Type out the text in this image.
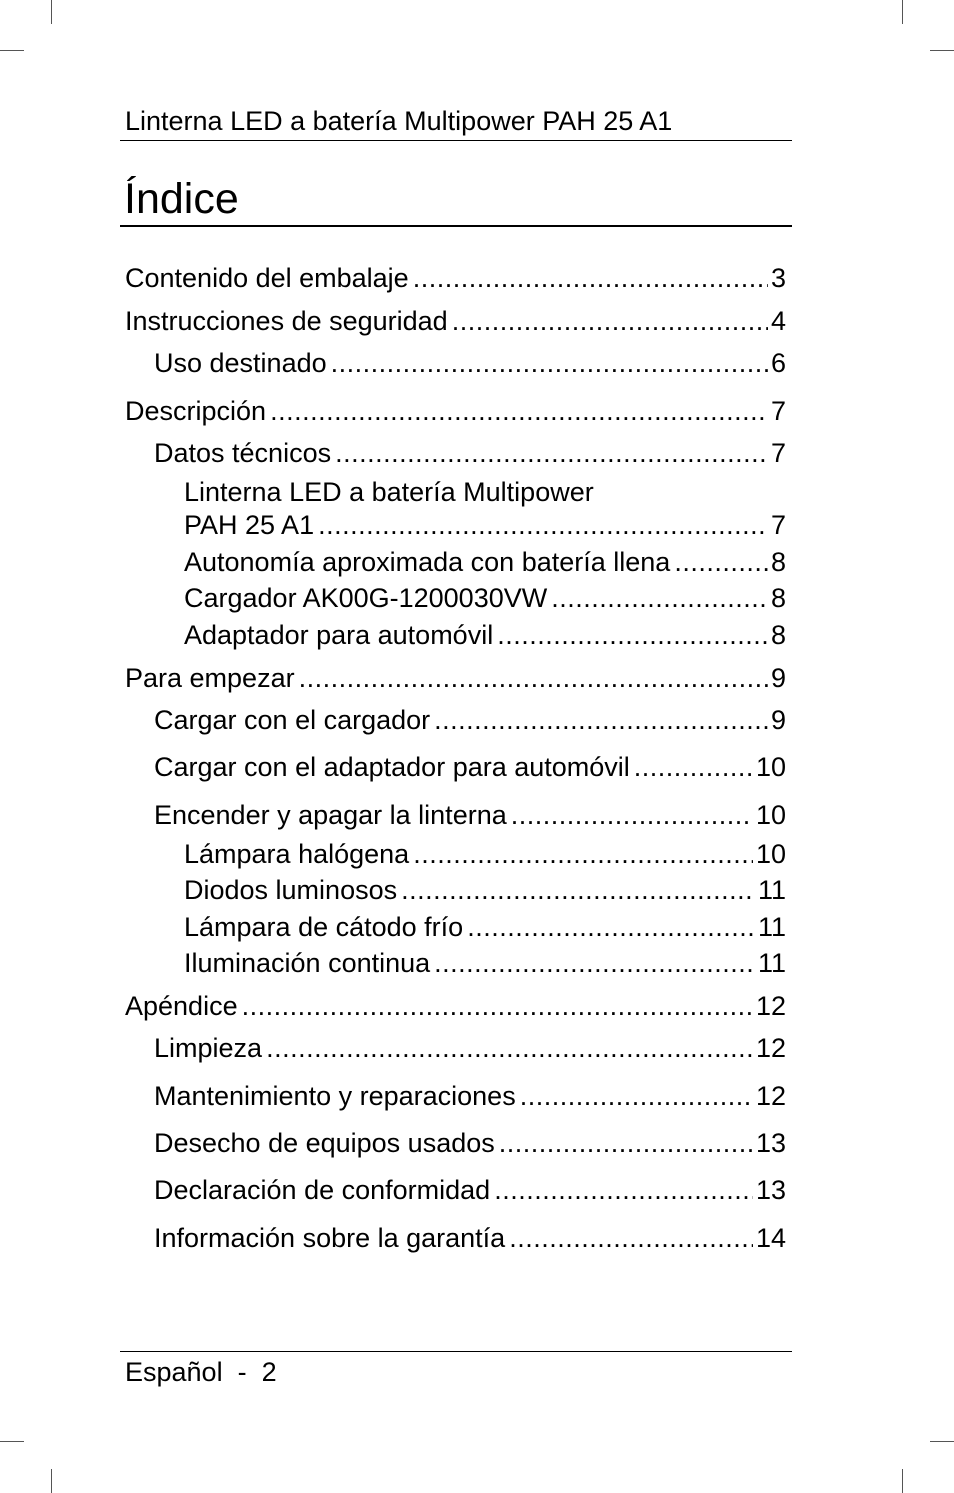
Linterna LED a batería Multipower PAH 25 A1
Índice
Contenido del embalaje .....	3
Instrucciones de seguridad .....	4
Uso destinado .....	6
Descripción .....	7
Datos técnicos .....	7
Linterna LED a batería Multipower
PAH 25 A1 .....	7
Autonomía aproximada con batería llena .....	8
Cargador AK00G-1200030VW .....	8
Adaptador para automóvil .....	8
Para empezar .....	9
Cargar con el cargador .....	9
Cargar con el adaptador para automóvil .....	10
Encender y apagar la linterna .....	10
Lámpara halógena .....	10
Diodos luminosos .....	11
Lámpara de cátodo frío .....	11
Iluminación continua .....	11
Apéndice .....	12
Limpieza .....	12
Mantenimiento y reparaciones .....	12
Desecho de equipos usados .....	13
Declaración de conformidad .....	13
Información sobre la garantía .....	14
Español  -  2
